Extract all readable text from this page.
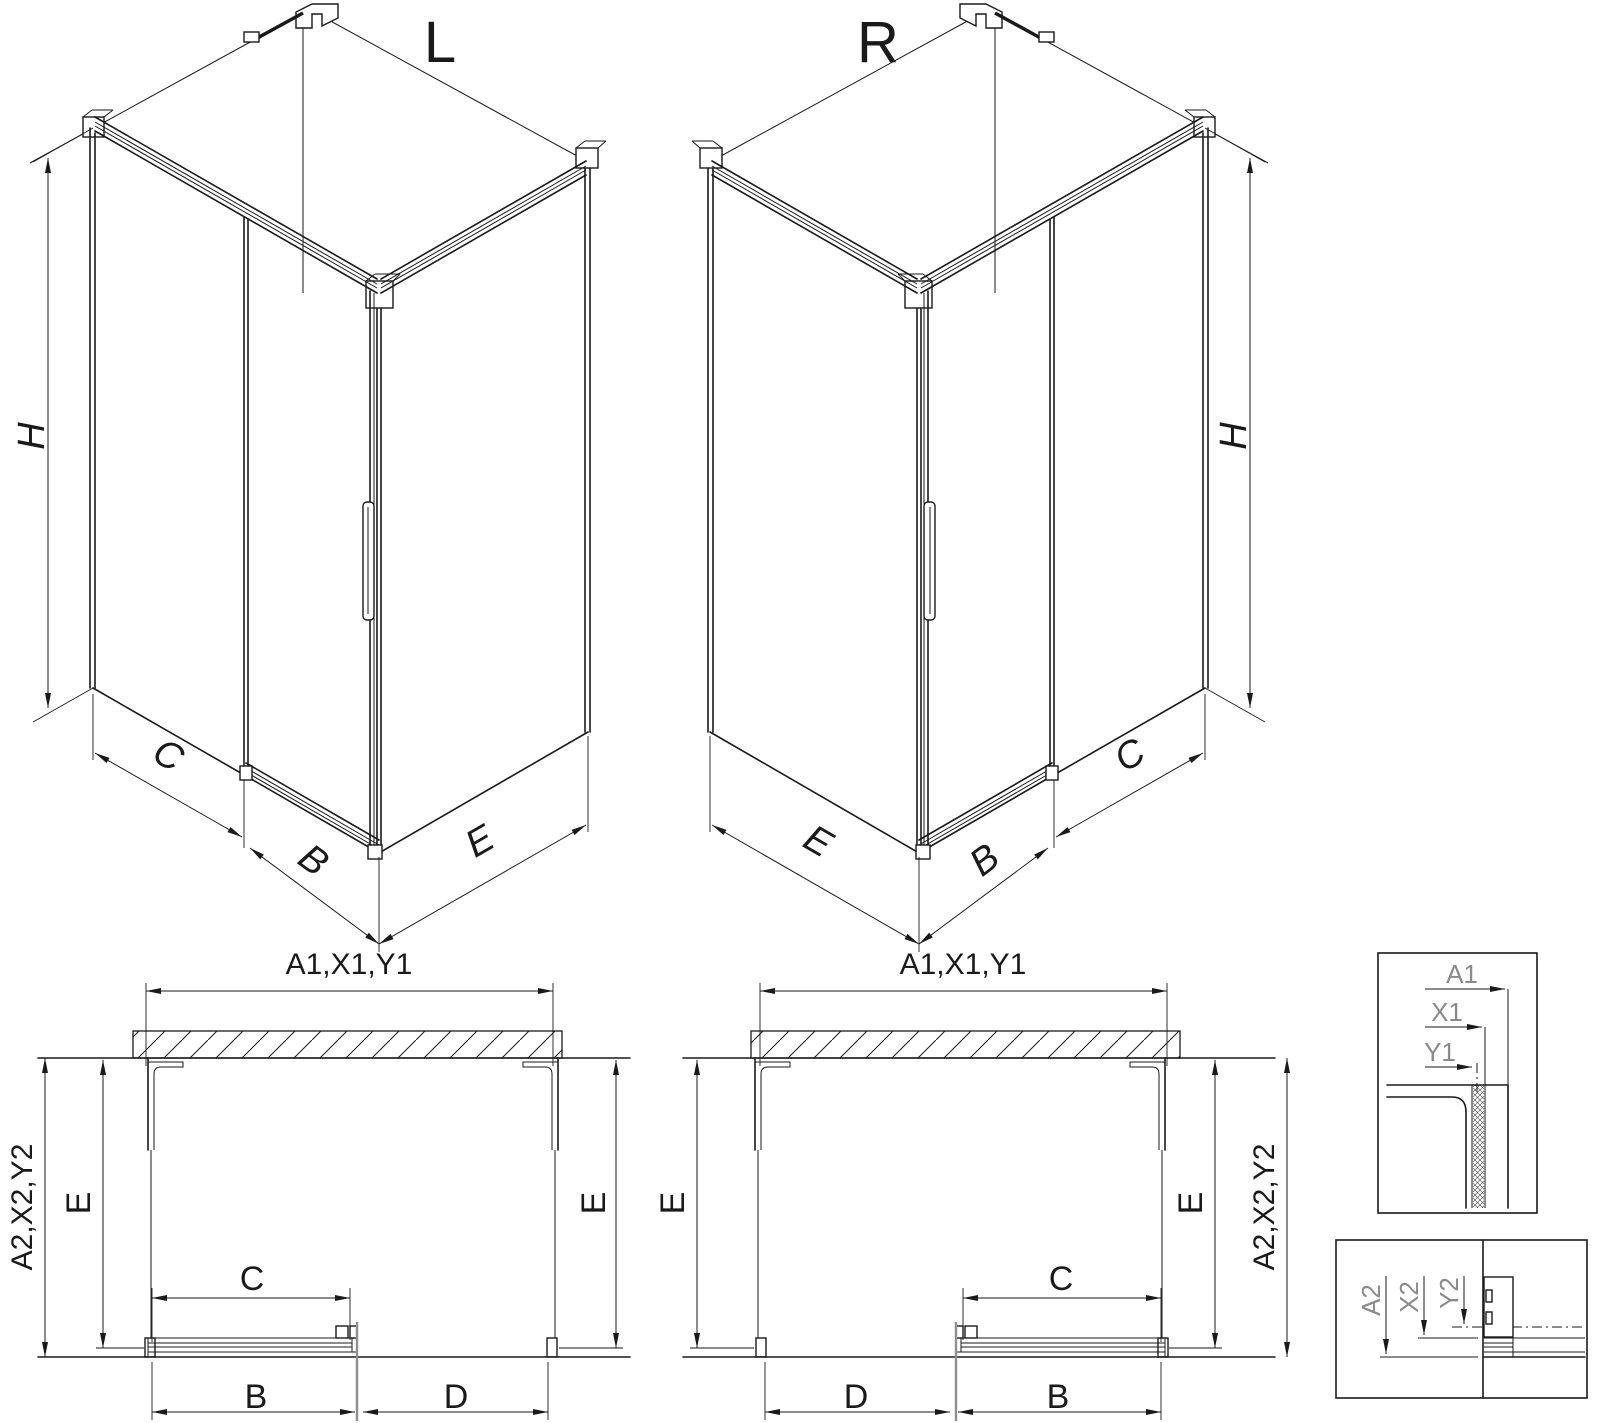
L
H
C
B	E
R
H
C
B
E
A1,X1,Y1
C
B	D
E	E
A2,X2,Y2
A1,X1,Y1
C
D	B
E	E A2,X2,Y2
A1
X1
Y1
A2 X2 Y2
